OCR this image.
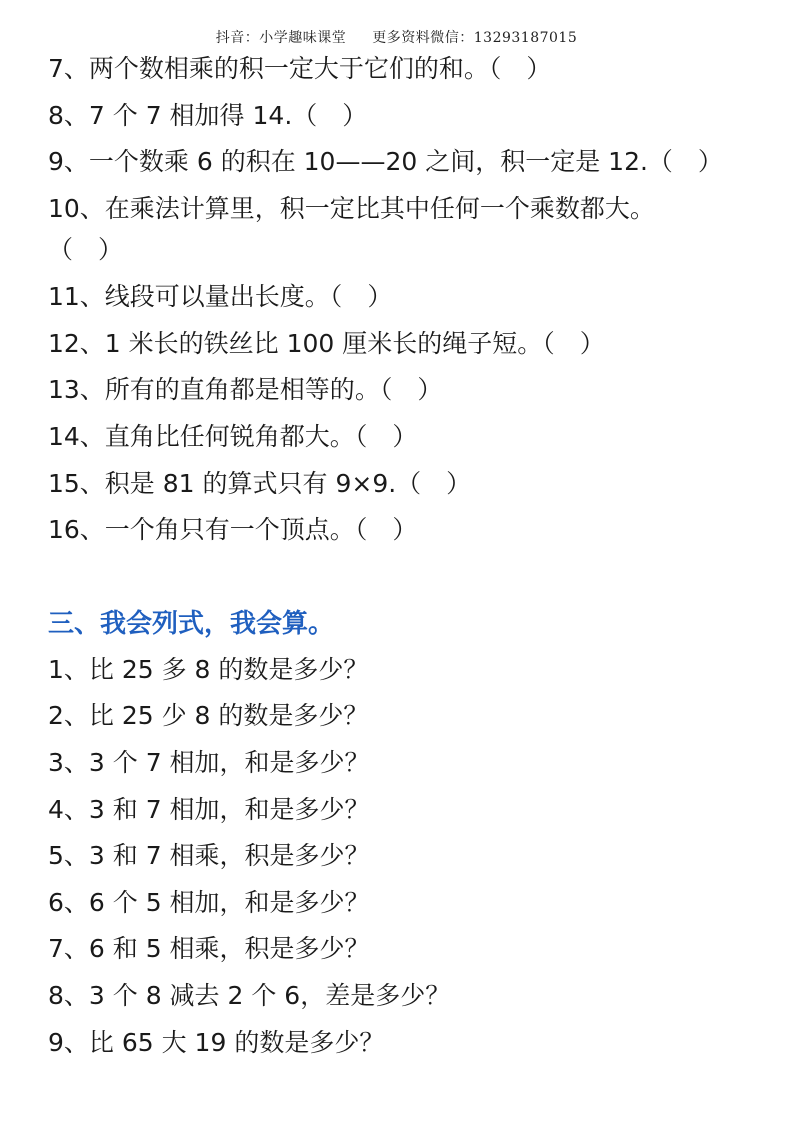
抖音：小学趣味课堂 更多资料微信：13293187015
7、两个数相乘的积一定大于它们的和。（　）
8、7 个 7 相加得 14.（　）
9、一个数乘 6 的积在 10——20 之间，积一定是 12.（　）
10、在乘法计算里，积一定比其中任何一个乘数都大。
（　）
11、线段可以量出长度。（　）
12、1 米长的铁丝比 100 厘米长的绳子短。（　）
13、所有的直角都是相等的。（　）
14、直角比任何锐角都大。（　）
15、积是 81 的算式只有 9×9.（　）
16、一个角只有一个顶点。（　）
三、我会列式，我会算。
1、比 25 多 8 的数是多少？
2、比 25 少 8 的数是多少？
3、3 个 7 相加，和是多少？
4、3 和 7 相加，和是多少？
5、3 和 7 相乘，积是多少？
6、6 个 5 相加，和是多少？
7、6 和 5 相乘，积是多少？
8、3 个 8 减去 2 个 6，差是多少？
9、比 65 大 19 的数是多少？
